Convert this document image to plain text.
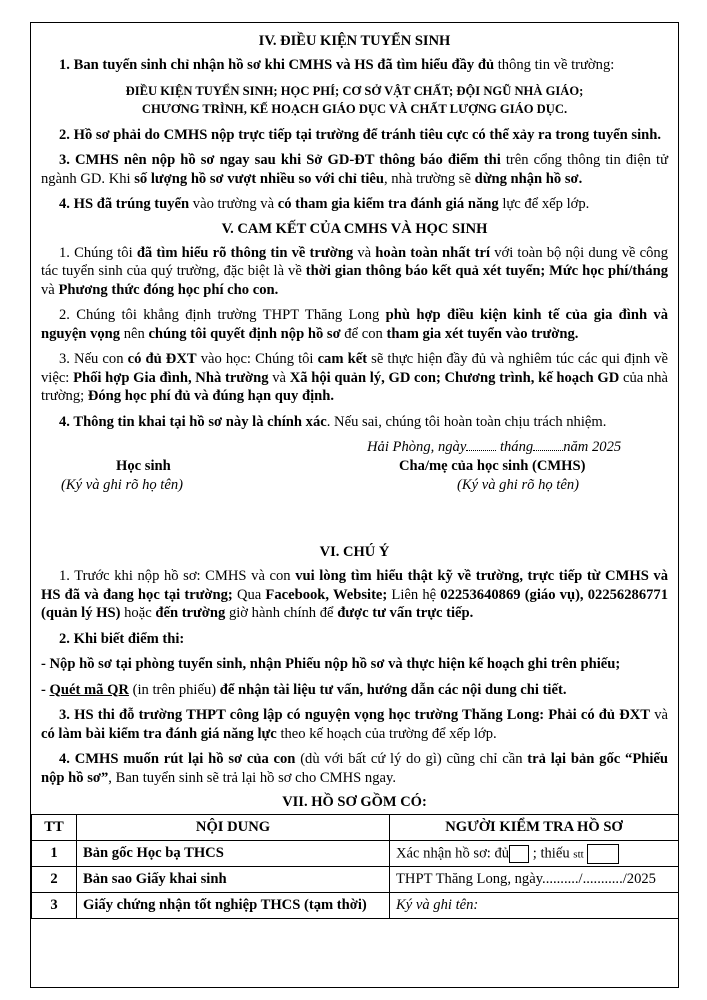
IV. ĐIỀU KIỆN TUYỂN SINH

1. Ban tuyển sinh chỉ nhận hồ sơ khi CMHS và HS đã tìm hiểu đầy đủ thông tin về trường:

ĐIỀU KIỆN TUYỂN SINH; HỌC PHÍ; CƠ SỞ VẬT CHẤT; ĐỘI NGŨ NHÀ GIÁO;
CHƯƠNG TRÌNH, KẾ HOẠCH GIÁO DỤC VÀ CHẤT LƯỢNG GIÁO DỤC.

2. Hồ sơ phải do CMHS nộp trực tiếp tại trường để tránh tiêu cực có thể xảy ra trong tuyển sinh.

3. CMHS nên nộp hồ sơ ngay sau khi Sở GD-ĐT thông báo điểm thi trên cổng thông tin điện tử ngành GD. Khi số lượng hồ sơ vượt nhiều so với chỉ tiêu, nhà trường sẽ dừng nhận hồ sơ.

4. HS đã trúng tuyển vào trường và có tham gia kiểm tra đánh giá năng lực để xếp lớp.

V. CAM KẾT CỦA CMHS VÀ HỌC SINH

1. Chúng tôi đã tìm hiểu rõ thông tin về trường và hoàn toàn nhất trí với toàn bộ nội dung về công tác tuyển sinh của quý trường, đặc biệt là về thời gian thông báo kết quả xét tuyển; Mức học phí/tháng và Phương thức đóng học phí cho con.

2. Chúng tôi khẳng định trường THPT Thăng Long phù hợp điều kiện kinh tế của gia đình và nguyện vọng nên chúng tôi quyết định nộp hồ sơ để con tham gia xét tuyển vào trường.

3. Nếu con có đủ ĐXT vào học: Chúng tôi cam kết sẽ thực hiện đầy đủ và nghiêm túc các qui định về việc: Phối hợp Gia đình, Nhà trường và Xã hội quản lý, GD con; Chương trình, kế hoạch GD của nhà trường; Đóng học phí đủ và đúng hạn quy định.

4. Thông tin khai tại hồ sơ này là chính xác. Nếu sai, chúng tôi hoàn toàn chịu trách nhiệm.

Hải Phòng, ngày tháng năm 2025
Học sinh
(Ký và ghi rõ họ tên)
Cha/mẹ của học sinh (CMHS)
(Ký và ghi rõ họ tên)
VI. CHÚ Ý

1. Trước khi nộp hồ sơ: CMHS và con vui lòng tìm hiểu thật kỹ về trường, trực tiếp từ CMHS và HS đã và đang học tại trường; Qua Facebook, Website; Liên hệ 02253640869 (giáo vụ), 02256286771 (quản lý HS) hoặc đến trường giờ hành chính để được tư vấn trực tiếp.

2. Khi biết điểm thi:

- Nộp hồ sơ tại phòng tuyển sinh, nhận Phiếu nộp hồ sơ và thực hiện kế hoạch ghi trên phiếu;

- Quét mã QR (in trên phiếu) để nhận tài liệu tư vấn, hướng dẫn các nội dung chi tiết.

3. HS thi đỗ trường THPT công lập có nguyện vọng học trường Thăng Long: Phải có đủ ĐXT và có làm bài kiểm tra đánh giá năng lực theo kế hoạch của trường để xếp lớp.

4. CMHS muốn rút lại hồ sơ của con (dù với bất cứ lý do gì) cũng chỉ cần trả lại bản gốc “Phiếu nộp hồ sơ”, Ban tuyển sinh sẽ trả lại hồ sơ cho CMHS ngay.

VII. HỒ SƠ GỒM CÓ:
TT	NỘI DUNG	NGƯỜI KIỂM TRA HỒ SƠ
1	Bản gốc Học bạ THCS	Xác nhận hồ sơ: đủ ; thiếu stt
2	Bản sao Giấy khai sinh	THPT Thăng Long, ngày........../.........../2025
3	Giấy chứng nhận tốt nghiệp THCS (tạm thời)	Ký và ghi tên:
